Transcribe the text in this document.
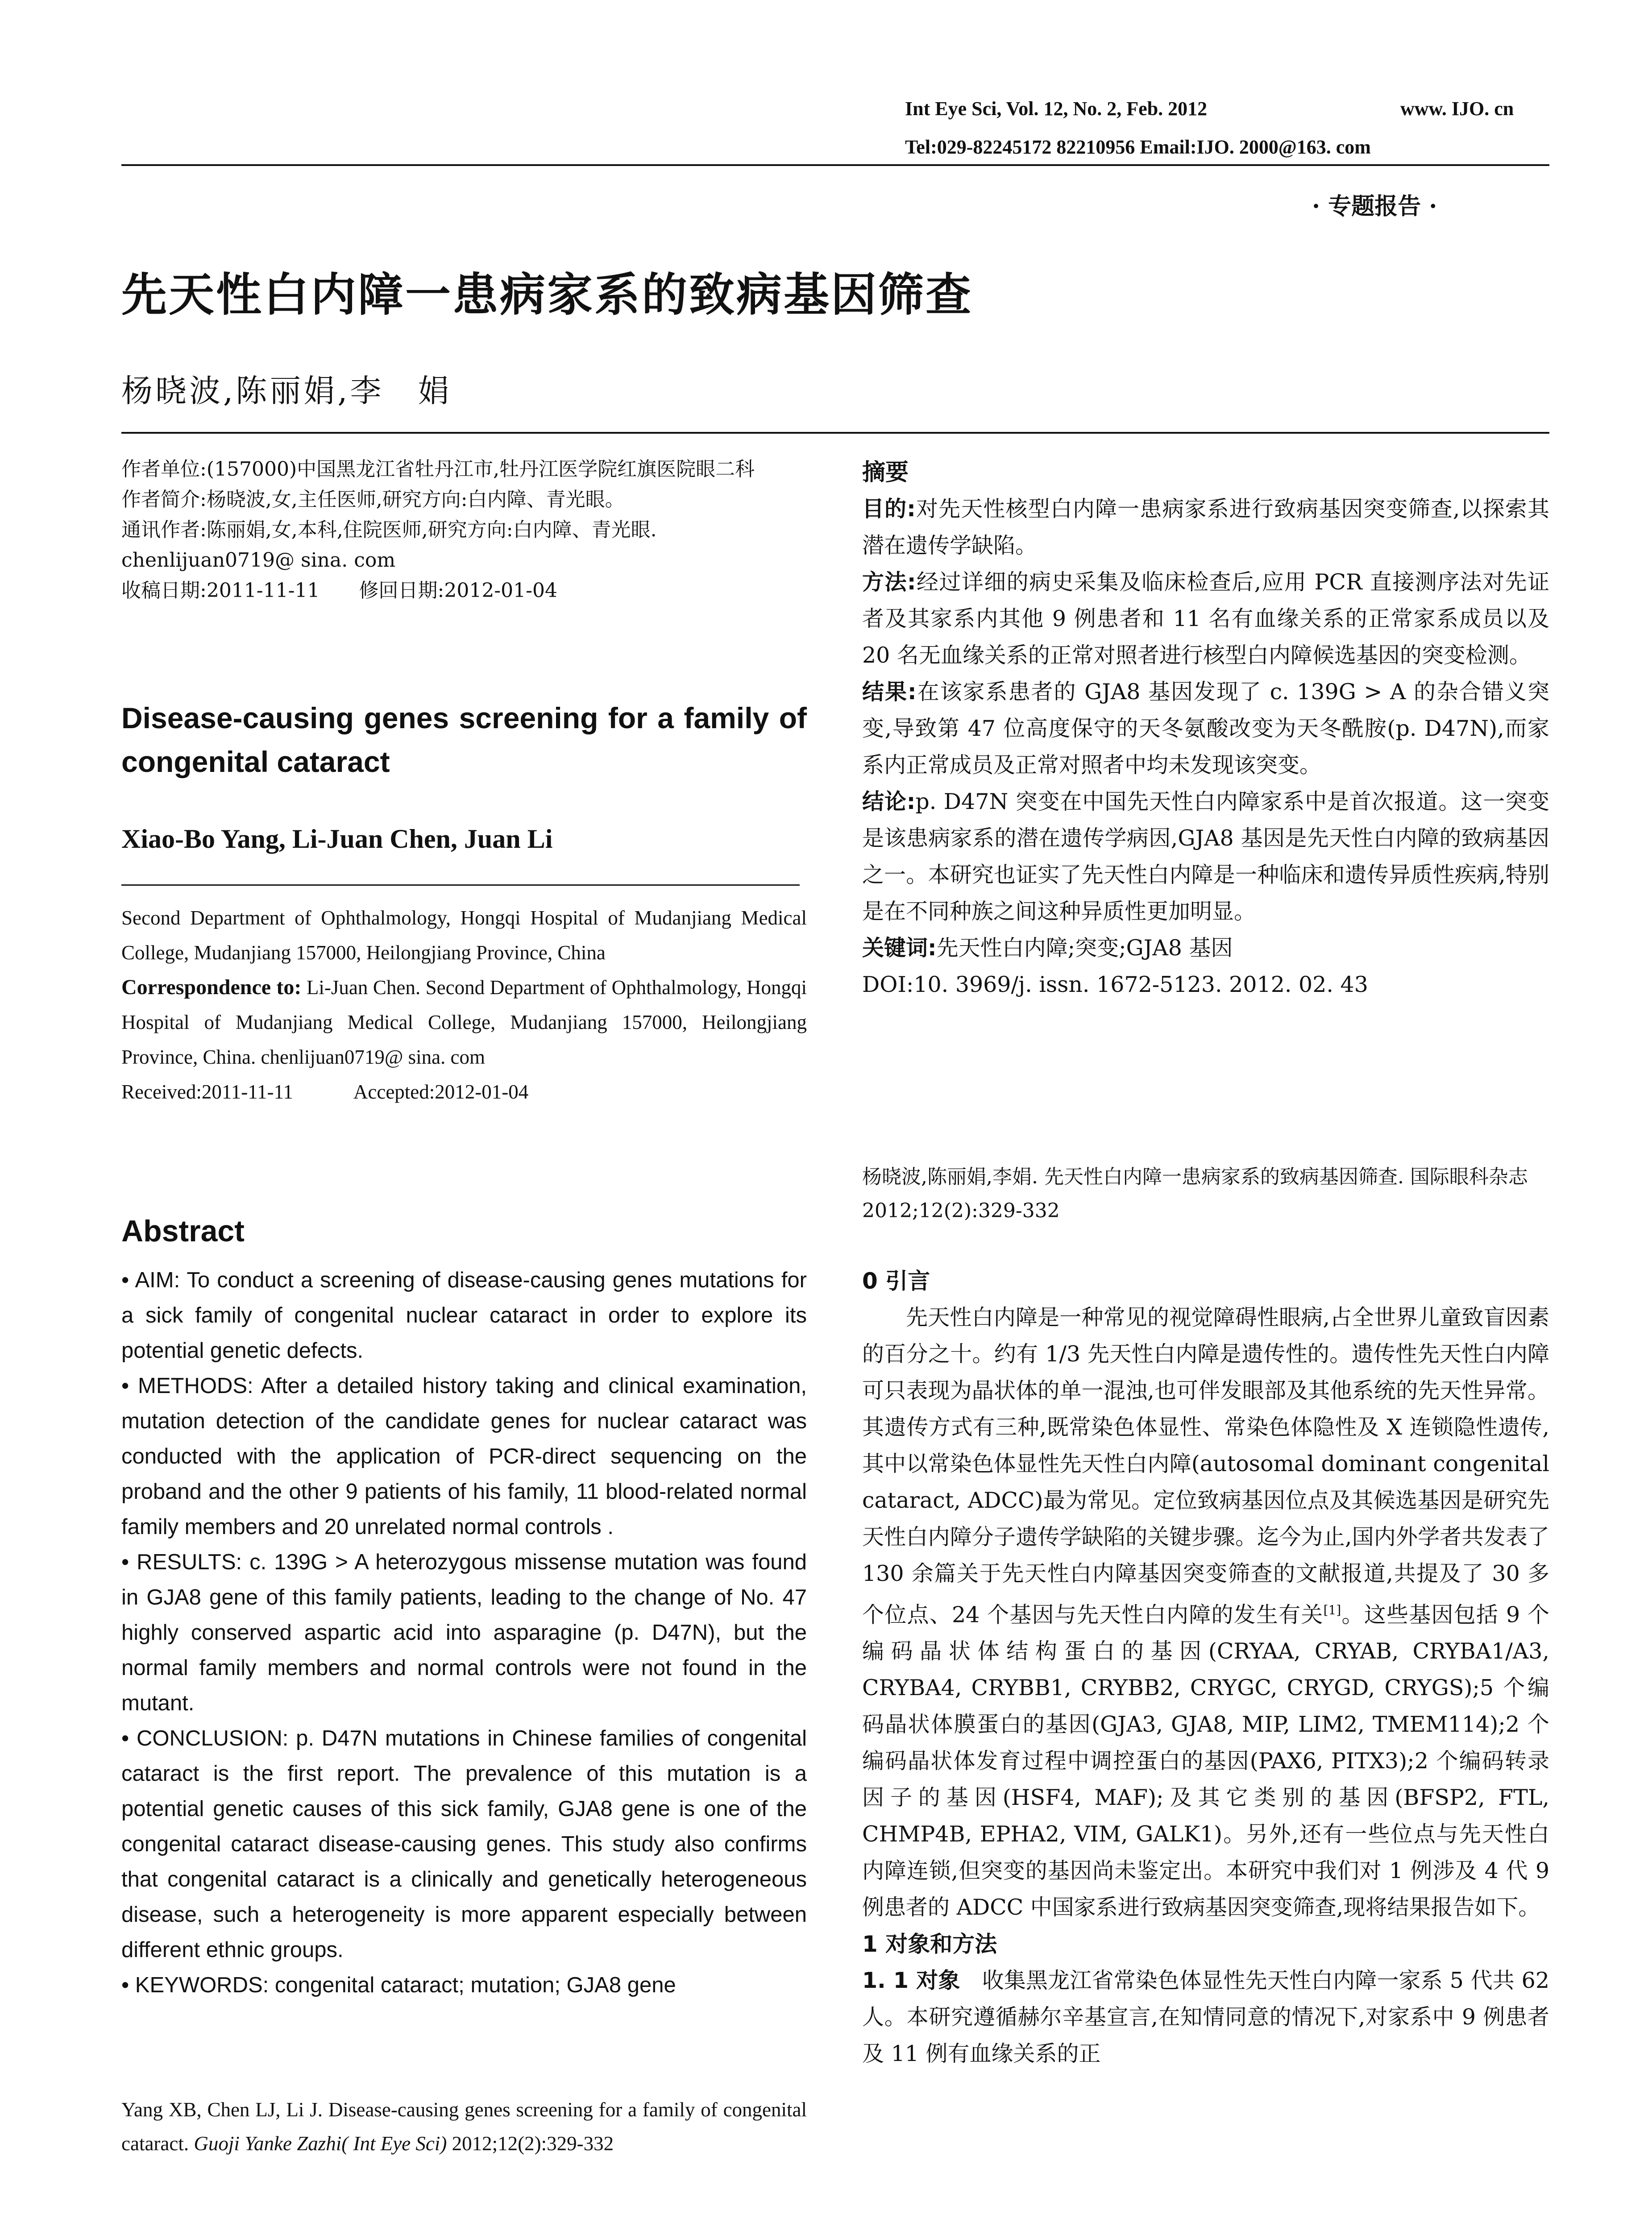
Int Eye Sci, Vol. 12, No. 2, Feb. 2012	www. IJO. cn
Tel:029-82245172 82210956 Email:IJO. 2000@163. com
· 专题报告 ·
先天性白内障一患病家系的致病基因筛查
杨晓波,陈丽娟,李　娟

作者单位:(157000)中国黑龙江省牡丹江市,牡丹江医学院红旗医院眼二科

作者简介:杨晓波,女,主任医师,研究方向:白内障、青光眼。

通讯作者:陈丽娟,女,本科,住院医师,研究方向:白内障、青光眼. chenlijuan0719@ sina. com

收稿日期:2011-11-11　　修回日期:2012-01-04

Disease-causing genes screening for a family of congenital cataract
Xiao-Bo Yang, Li-Juan Chen, Juan Li

Second Department of Ophthalmology, Hongqi Hospital of Mudanjiang Medical College, Mudanjiang 157000, Heilongjiang Province, China

Correspondence to: Li-Juan Chen. Second Department of Ophthalmology, Hongqi Hospital of Mudanjiang Medical College, Mudanjiang 157000, Heilongjiang Province, China. chenlijuan0719@ sina. com

Received:2011-11-11　　　Accepted:2012-01-04

Abstract

• AIM: To conduct a screening of disease-causing genes mutations for a sick family of congenital nuclear cataract in order to explore its potential genetic defects.

• METHODS: After a detailed history taking and clinical examination, mutation detection of the candidate genes for nuclear cataract was conducted with the application of PCR-direct sequencing on the proband and the other 9 patients of his family, 11 blood-related normal family members and 20 unrelated normal controls .

• RESULTS: c. 139G > A heterozygous missense mutation was found in GJA8 gene of this family patients, leading to the change of No. 47 highly conserved aspartic acid into asparagine (p. D47N), but the normal family members and normal controls were not found in the mutant.

• CONCLUSION: p. D47N mutations in Chinese families of congenital cataract is the first report. The prevalence of this mutation is a potential genetic causes of this sick family, GJA8 gene is one of the congenital cataract disease-causing genes. This study also confirms that congenital cataract is a clinically and genetically heterogeneous disease, such a heterogeneity is more apparent especially between different ethnic groups.

• KEYWORDS: congenital cataract; mutation; GJA8 gene

Yang XB, Chen LJ, Li J. Disease-causing genes screening for a family of congenital cataract. Guoji Yanke Zazhi( Int Eye Sci) 2012;12(2):329-332

摘要

目的:对先天性核型白内障一患病家系进行致病基因突变筛查,以探索其潜在遗传学缺陷。

方法:经过详细的病史采集及临床检查后,应用 PCR 直接测序法对先证者及其家系内其他 9 例患者和 11 名有血缘关系的正常家系成员以及 20 名无血缘关系的正常对照者进行核型白内障候选基因的突变检测。

结果:在该家系患者的 GJA8 基因发现了 c. 139G > A 的杂合错义突变,导致第 47 位高度保守的天冬氨酸改变为天冬酰胺(p. D47N),而家系内正常成员及正常对照者中均未发现该突变。

结论:p. D47N 突变在中国先天性白内障家系中是首次报道。这一突变是该患病家系的潜在遗传学病因,GJA8 基因是先天性白内障的致病基因之一。本研究也证实了先天性白内障是一种临床和遗传异质性疾病,特别是在不同种族之间这种异质性更加明显。

关键词:先天性白内障;突变;GJA8 基因

DOI:10. 3969/j. issn. 1672-5123. 2012. 02. 43

杨晓波,陈丽娟,李娟. 先天性白内障一患病家系的致病基因筛查. 国际眼科杂志 2012;12(2):329-332

0 引言

先天性白内障是一种常见的视觉障碍性眼病,占全世界儿童致盲因素的百分之十。约有 1/3 先天性白内障是遗传性的。遗传性先天性白内障可只表现为晶状体的单一混浊,也可伴发眼部及其他系统的先天性异常。其遗传方式有三种,既常染色体显性、常染色体隐性及 X 连锁隐性遗传,其中以常染色体显性先天性白内障(autosomal dominant congenital cataract, ADCC)最为常见。定位致病基因位点及其候选基因是研究先天性白内障分子遗传学缺陷的关键步骤。迄今为止,国内外学者共发表了 130 余篇关于先天性白内障基因突变筛查的文献报道,共提及了 30 多个位点、24 个基因与先天性白内障的发生有关[1]。这些基因包括 9 个编码晶状体结构蛋白的基因(CRYAA, CRYAB, CRYBA1/A3, CRYBA4, CRYBB1, CRYBB2, CRYGC, CRYGD, CRYGS);5 个编码晶状体膜蛋白的基因(GJA3, GJA8, MIP, LIM2, TMEM114);2 个编码晶状体发育过程中调控蛋白的基因(PAX6, PITX3);2 个编码转录因子的基因(HSF4, MAF);及其它类别的基因(BFSP2, FTL, CHMP4B, EPHA2, VIM, GALK1)。另外,还有一些位点与先天性白内障连锁,但突变的基因尚未鉴定出。本研究中我们对 1 例涉及 4 代 9 例患者的 ADCC 中国家系进行致病基因突变筛查,现将结果报告如下。

1 对象和方法

1. 1 对象　收集黑龙江省常染色体显性先天性白内障一家系 5 代共 62 人。本研究遵循赫尔辛基宣言,在知情同意的情况下,对家系中 9 例患者及 11 例有血缘关系的正
